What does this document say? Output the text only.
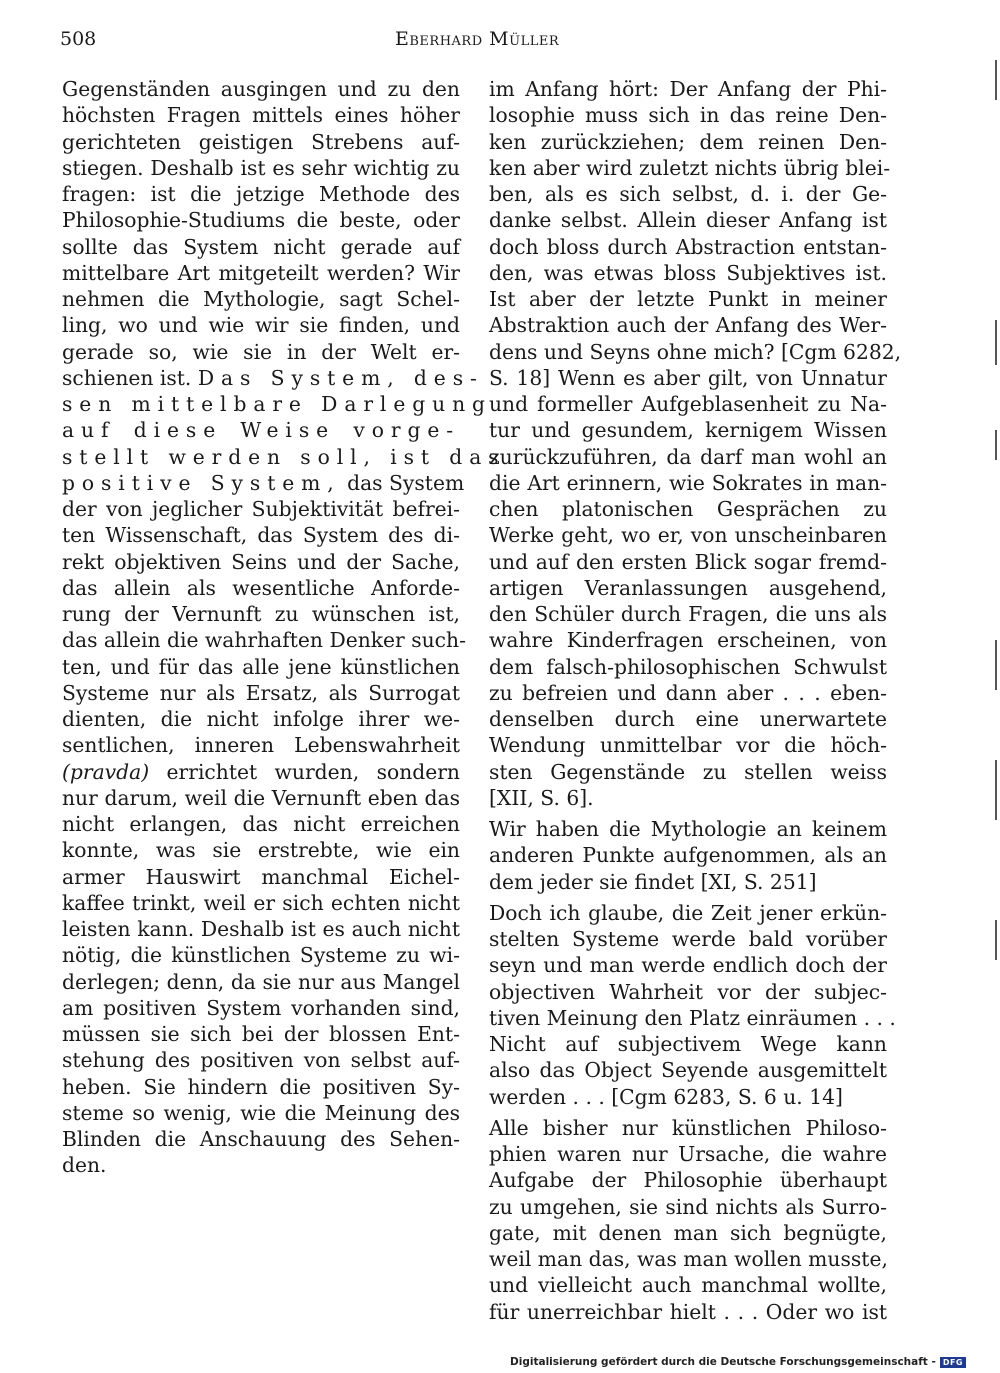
508	Eberhard Müller
Gegenständen ausgingen und zu den
höchsten Fragen mittels eines höher
gerichteten geistigen Strebens auf-
stiegen. Deshalb ist es sehr wichtig zu
fragen: ist die jetzige Methode des
Philosophie-Studiums die beste, oder
sollte das System nicht gerade auf
mittelbare Art mitgeteilt werden? Wir
nehmen die Mythologie, sagt Schel-
ling, wo und wie wir sie finden, und
gerade so, wie sie in der Welt er-
schienen ist. Das System, des-
sen mittelbare Darlegung
auf diese Weise vorge-
stellt werden soll, ist das
positive System, das System
der von jeglicher Subjektivität befrei-
ten Wissenschaft, das System des di-
rekt objektiven Seins und der Sache,
das allein als wesentliche Anforde-
rung der Vernunft zu wünschen ist,
das allein die wahrhaften Denker such-
ten, und für das alle jene künstlichen
Systeme nur als Ersatz, als Surrogat
dienten, die nicht infolge ihrer we-
sentlichen, inneren Lebenswahrheit
(pravda) errichtet wurden, sondern
nur darum, weil die Vernunft eben das
nicht erlangen, das nicht erreichen
konnte, was sie erstrebte, wie ein
armer Hauswirt manchmal Eichel-
kaffee trinkt, weil er sich echten nicht
leisten kann. Deshalb ist es auch nicht
nötig, die künstlichen Systeme zu wi-
derlegen; denn, da sie nur aus Mangel
am positiven System vorhanden sind,
müssen sie sich bei der blossen Ent-
stehung des positiven von selbst auf-
heben. Sie hindern die positiven Sy-
steme so wenig, wie die Meinung des
Blinden die Anschauung des Sehen-
den.
im Anfang hört: Der Anfang der Phi-
losophie muss sich in das reine Den-
ken zurückziehen; dem reinen Den-
ken aber wird zuletzt nichts übrig blei-
ben, als es sich selbst, d. i. der Ge-
danke selbst. Allein dieser Anfang ist
doch bloss durch Abstraction entstan-
den, was etwas bloss Subjektives ist.
Ist aber der letzte Punkt in meiner
Abstraktion auch der Anfang des Wer-
dens und Seyns ohne mich? [Cgm 6282,
S. 18] Wenn es aber gilt, von Unnatur
und formeller Aufgeblasenheit zu Na-
tur und gesundem, kernigem Wissen
zurückzuführen, da darf man wohl an
die Art erinnern, wie Sokrates in man-
chen platonischen Gesprächen zu
Werke geht, wo er, von unscheinbaren
und auf den ersten Blick sogar fremd-
artigen Veranlassungen ausgehend,
den Schüler durch Fragen, die uns als
wahre Kinderfragen erscheinen, von
dem falsch-philosophischen Schwulst
zu befreien und dann aber . . . eben-
denselben durch eine unerwartete
Wendung unmittelbar vor die höch-
sten Gegenstände zu stellen weiss
[XII, S. 6].
Wir haben die Mythologie an keinem
anderen Punkte aufgenommen, als an
dem jeder sie findet [XI, S. 251]
Doch ich glaube, die Zeit jener erkün-
stelten Systeme werde bald vorüber
seyn und man werde endlich doch der
objectiven Wahrheit vor der subjec-
tiven Meinung den Platz einräumen . . .
Nicht auf subjectivem Wege kann
also das Object Seyende ausgemittelt
werden . . . [Cgm 6283, S. 6 u. 14]
Alle bisher nur künstlichen Philoso-
phien waren nur Ursache, die wahre
Aufgabe der Philosophie überhaupt
zu umgehen, sie sind nichts als Surro-
gate, mit denen man sich begnügte,
weil man das, was man wollen musste,
und vielleicht auch manchmal wollte,
für unerreichbar hielt . . . Oder wo ist
Digitalisierung gefördert durch die Deutsche Forschungsgemeinschaft - DFG
